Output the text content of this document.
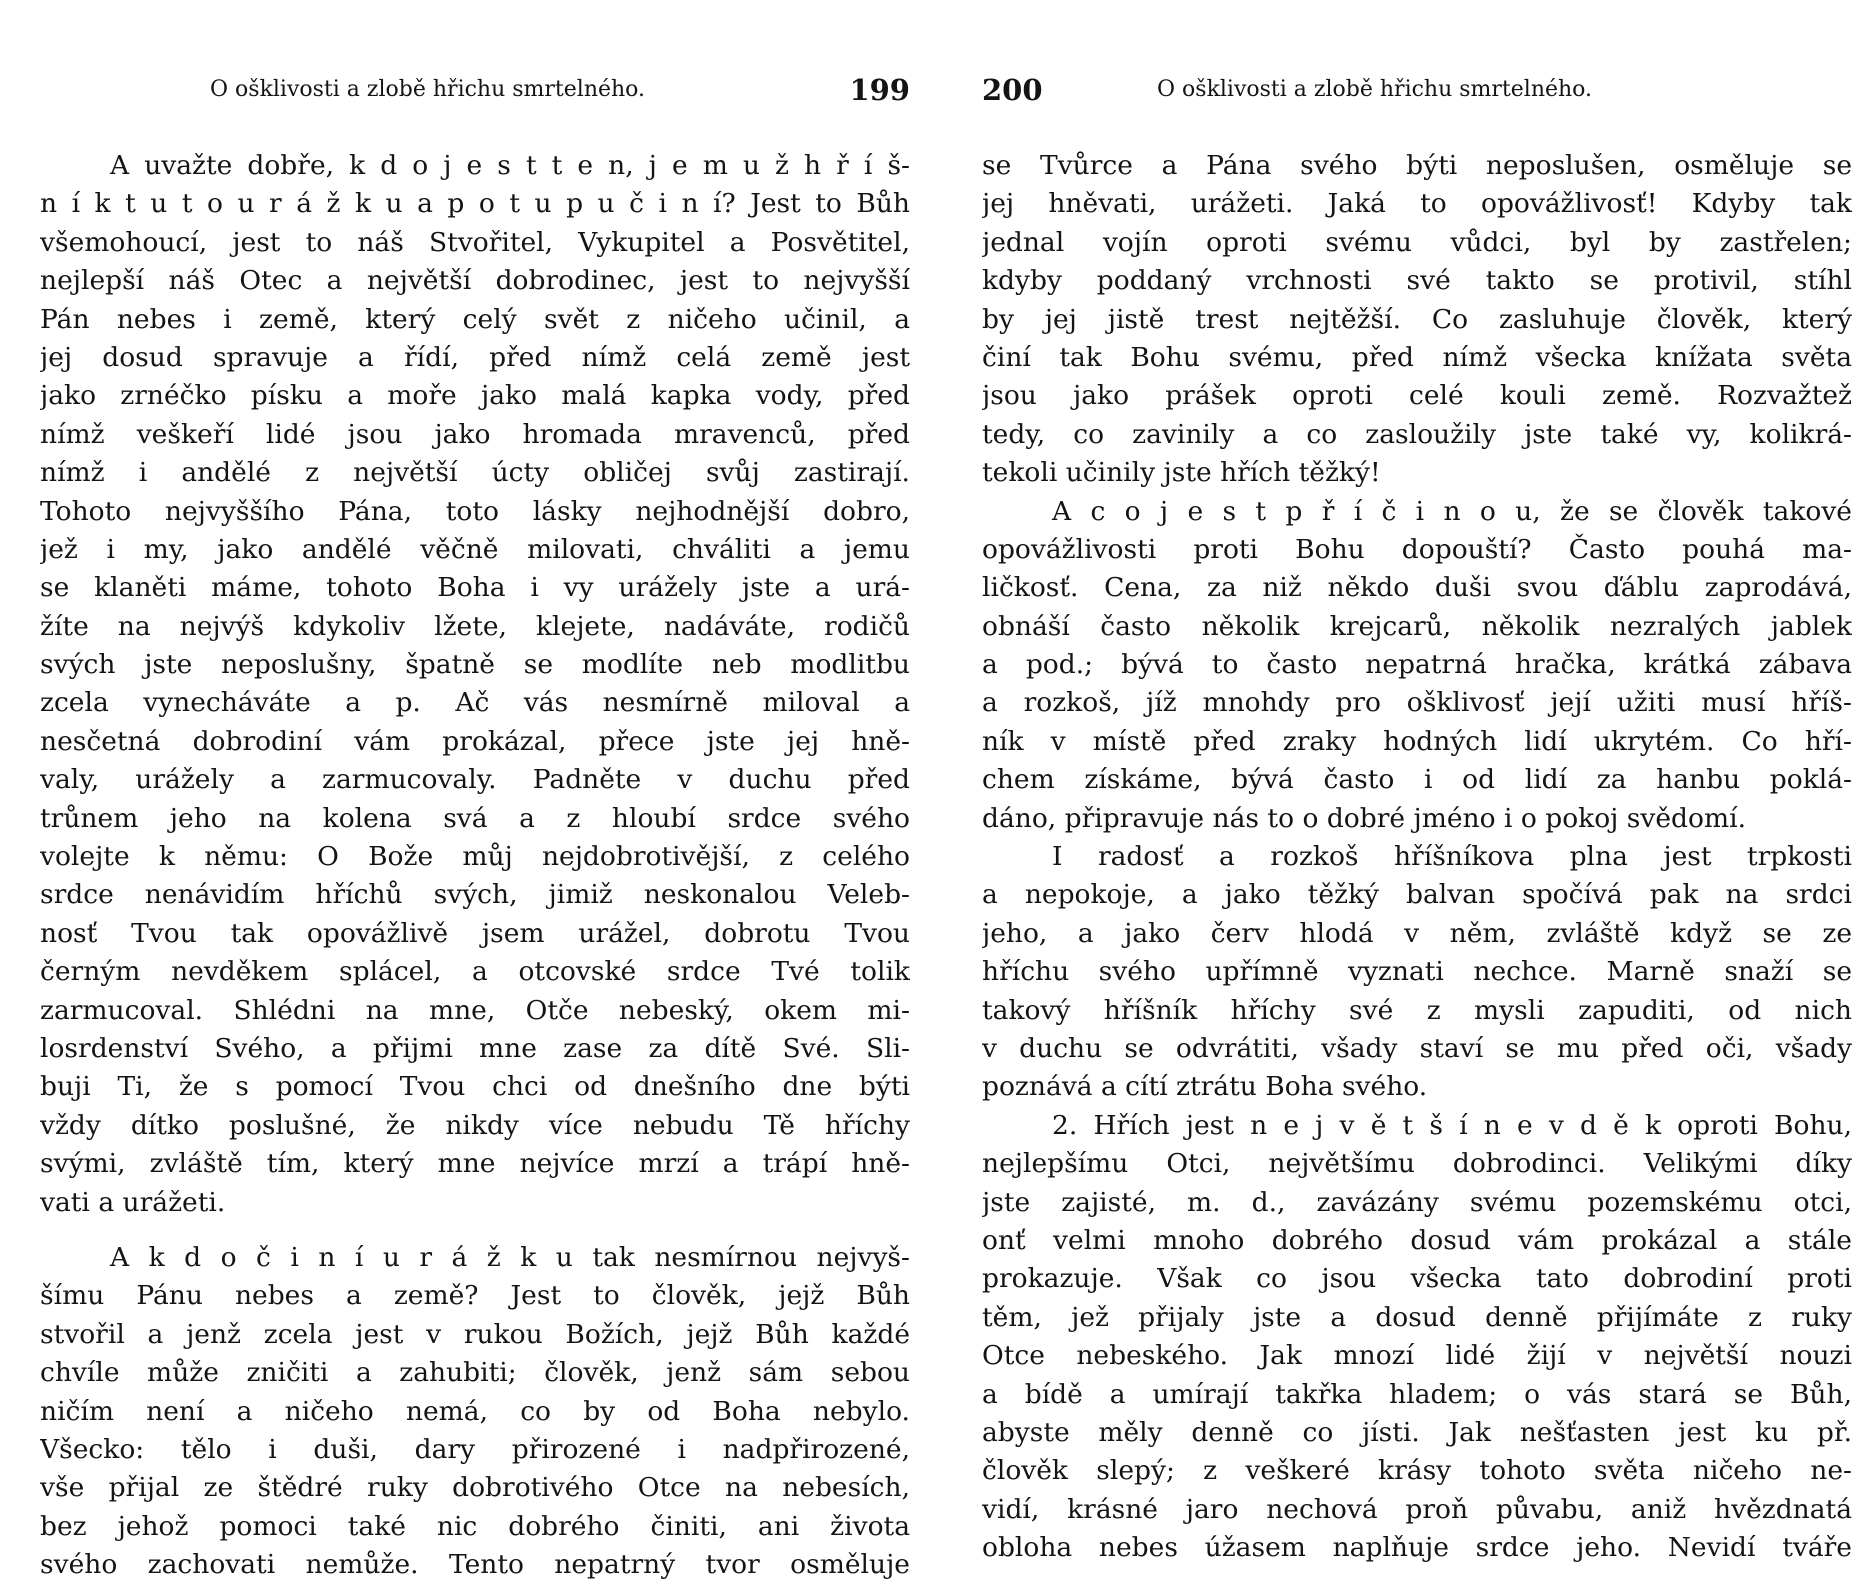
O ošklivosti a zlobě hřichu smrtelného.	199
A uvažte dobře, k d o j e s t t e n, j e m u ž h ř í š-
n í k t u t o u r á ž k u a p o t u p u č i n í? Jest to Bůh
všemohoucí, jest to náš Stvořitel, Vykupitel a Posvětitel,
nejlepší náš Otec a největší dobrodinec, jest to nejvyšší
Pán nebes i země, který celý svět z ničeho učinil, a
jej dosud spravuje a řídí, před nímž celá země jest
jako zrnéčko písku a moře jako malá kapka vody, před
nímž veškeří lidé jsou jako hromada mravenců, před
nímž i andělé z největší úcty obličej svůj zastirají.
Tohoto nejvyššího Pána, toto lásky nejhodnější dobro,
jež i my, jako andělé věčně milovati, chváliti a jemu
se klaněti máme, tohoto Boha i vy urážely jste a urá-
žíte na nejvýš kdykoliv lžete, klejete, nadáváte, rodičů
svých jste neposlušny, špatně se modlíte neb modlitbu
zcela vynecháváte a p. Ač vás nesmírně miloval a
nesčetná dobrodiní vám prokázal, přece jste jej hně-
valy, urážely a zarmucovaly. Padněte v duchu před
trůnem jeho na kolena svá a z hloubí srdce svého
volejte k němu: O Bože můj nejdobrotivější, z celého
srdce nenávidím hříchů svých, jimiž neskonalou Veleb-
nosť Tvou tak opovážlivě jsem urážel, dobrotu Tvou
černým nevděkem splácel, a otcovské srdce Tvé tolik
zarmucoval. Shlédni na mne, Otče nebeský, okem mi-
losrdenství Svého, a přijmi mne zase za dítě Své. Sli-
buji Ti, že s pomocí Tvou chci od dnešního dne býti
vždy dítko poslušné, že nikdy více nebudu Tě hříchy
svými, zvláště tím, který mne nejvíce mrzí a trápí hně-
vati a urážeti.
A k d o č i n í u r á ž k u tak nesmírnou nejvyš-
šímu Pánu nebes a země? Jest to člověk, jejž Bůh
stvořil a jenž zcela jest v rukou Božích, jejž Bůh každé
chvíle může zničiti a zahubiti; člověk, jenž sám sebou
ničím není a ničeho nemá, co by od Boha nebylo.
Všecko: tělo i duši, dary přirozené i nadpřirozené,
vše přijal ze štědré ruky dobrotivého Otce na nebesích,
bez jehož pomoci také nic dobrého činiti, ani života
svého zachovati nemůže. Tento nepatrný tvor osměluje
200	O ošklivosti a zlobě hřichu smrtelného.
se Tvůrce a Pána svého býti neposlušen, osměluje se
jej hněvati, urážeti. Jaká to opovážlivosť! Kdyby tak
jednal vojín oproti svému vůdci, byl by zastřelen;
kdyby poddaný vrchnosti své takto se protivil, stíhl
by jej jistě trest nejtěžší. Co zasluhuje člověk, který
činí tak Bohu svému, před nímž všecka knížata světa
jsou jako prášek oproti celé kouli země. Rozvažtež
tedy, co zavinily a co zasloužily jste také vy, kolikrá-
tekoli učinily jste hřích těžký!
A c o j e s t p ř í č i n o u, že se člověk takové
opovážlivosti proti Bohu dopouští? Často pouhá ma-
ličkosť. Cena, za niž někdo duši svou ďáblu zaprodává,
obnáší často několik krejcarů, několik nezralých jablek
a pod.; bývá to často nepatrná hračka, krátká zábava
a rozkoš, jíž mnohdy pro ošklivosť její užiti musí hříš-
ník v místě před zraky hodných lidí ukrytém. Co hří-
chem získáme, bývá často i od lidí za hanbu poklá-
dáno, připravuje nás to o dobré jméno i o pokoj svědomí.
I radosť a rozkoš hříšníkova plna jest trpkosti
a nepokoje, a jako těžký balvan spočívá pak na srdci
jeho, a jako červ hlodá v něm, zvláště když se ze
hříchu svého upřímně vyznati nechce. Marně snaží se
takový hříšník hříchy své z mysli zapuditi, od nich
v duchu se odvrátiti, všady staví se mu před oči, všady
poznává a cítí ztrátu Boha svého.
2. Hřích jest n e j v ě t š í n e v d ě k oproti Bohu,
nejlepšímu Otci, největšímu dobrodinci. Velikými díky
jste zajisté, m. d., zavázány svému pozemskému otci,
onť velmi mnoho dobrého dosud vám prokázal a stále
prokazuje. Však co jsou všecka tato dobrodiní proti
těm, jež přijaly jste a dosud denně přijímáte z ruky
Otce nebeského. Jak mnozí lidé žijí v největší nouzi
a bídě a umírají takřka hladem; o vás stará se Bůh,
abyste měly denně co jísti. Jak nešťasten jest ku př.
člověk slepý; z veškeré krásy tohoto světa ničeho ne-
vidí, krásné jaro nechová proň půvabu, aniž hvězdnatá
obloha nebes úžasem naplňuje srdce jeho. Nevidí tváře
